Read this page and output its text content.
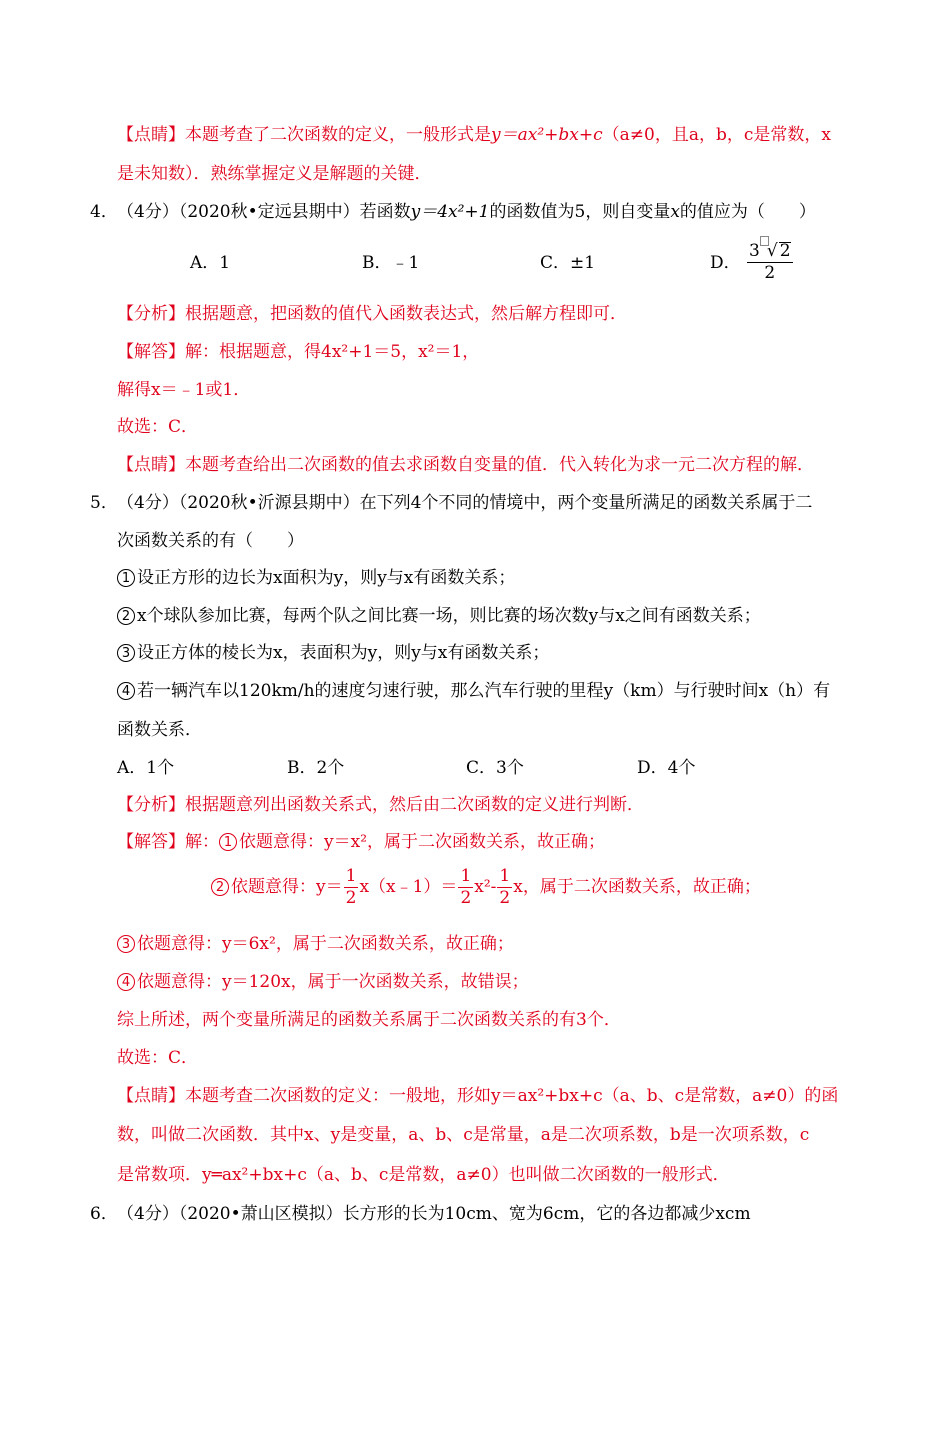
【点睛】本题考查了二次函数的定义，一般形式是y＝ax²+bx+c（a≠0，且a，b，c是常数，x
是未知数）．熟练掌握定义是解题的关键．
4． （4分）（2020秋•定远县期中）若函数y＝4x²+1的函数值为5，则自变量x的值应为（　　）
A．1	B．﹣1	C．±1	D． $\frac{3 √ 2}{2}$
【分析】根据题意，把函数的值代入函数表达式，然后解方程即可．
【解答】解：根据题意，得4x²+1＝5，x²＝1，
解得x＝﹣1或1．
故选：C．
【点睛】本题考查给出二次函数的值去求函数自变量的值．代入转化为求一元二次方程的解．
5． （4分）（2020秋•沂源县期中）在下列4个不同的情境中，两个变量所满足的函数关系属于二
次函数关系的有（　　）
1 设正方形的边长为x面积为y，则y与x有函数关系；
2 x个球队参加比赛，每两个队之间比赛一场，则比赛的场次数y与x之间有函数关系；
3 设正方体的棱长为x，表面积为y，则y与x有函数关系；
4 若一辆汽车以120km/h的速度匀速行驶，那么汽车行驶的里程y（km）与行驶时间x（h）有
函数关系．
A．1个	B．2个	C．3个	D．4个
【分析】根据题意列出函数关系式，然后由二次函数的定义进行判断．
【解答】解： 1 依题意得：y＝x²，属于二次函数关系，故正确；
2 依题意得：$y= \frac{1}{2}$ x（x﹣1）＝ $\frac{1}{2} x^2- \frac{1}{2}$ x，属于二次函数关系，故正确；
3 依题意得：y＝6x²，属于二次函数关系，故正确；
4 依题意得：y＝120x，属于一次函数关系，故错误；
综上所述，两个变量所满足的函数关系属于二次函数关系的有3个．
故选：C．
【点睛】本题考查二次函数的定义：一般地，形如y＝ax²+bx+c（a、b、c是常数，a≠0）的函
数，叫做二次函数．其中x、y是变量，a、b、c是常量，a是二次项系数，b是一次项系数，c
是常数项．y═ax²+bx+c（a、b、c是常数，a≠0）也叫做二次函数的一般形式．
6． （4分）（2020•萧山区模拟）长方形的长为10cm、宽为6cm，它的各边都减少xcm
